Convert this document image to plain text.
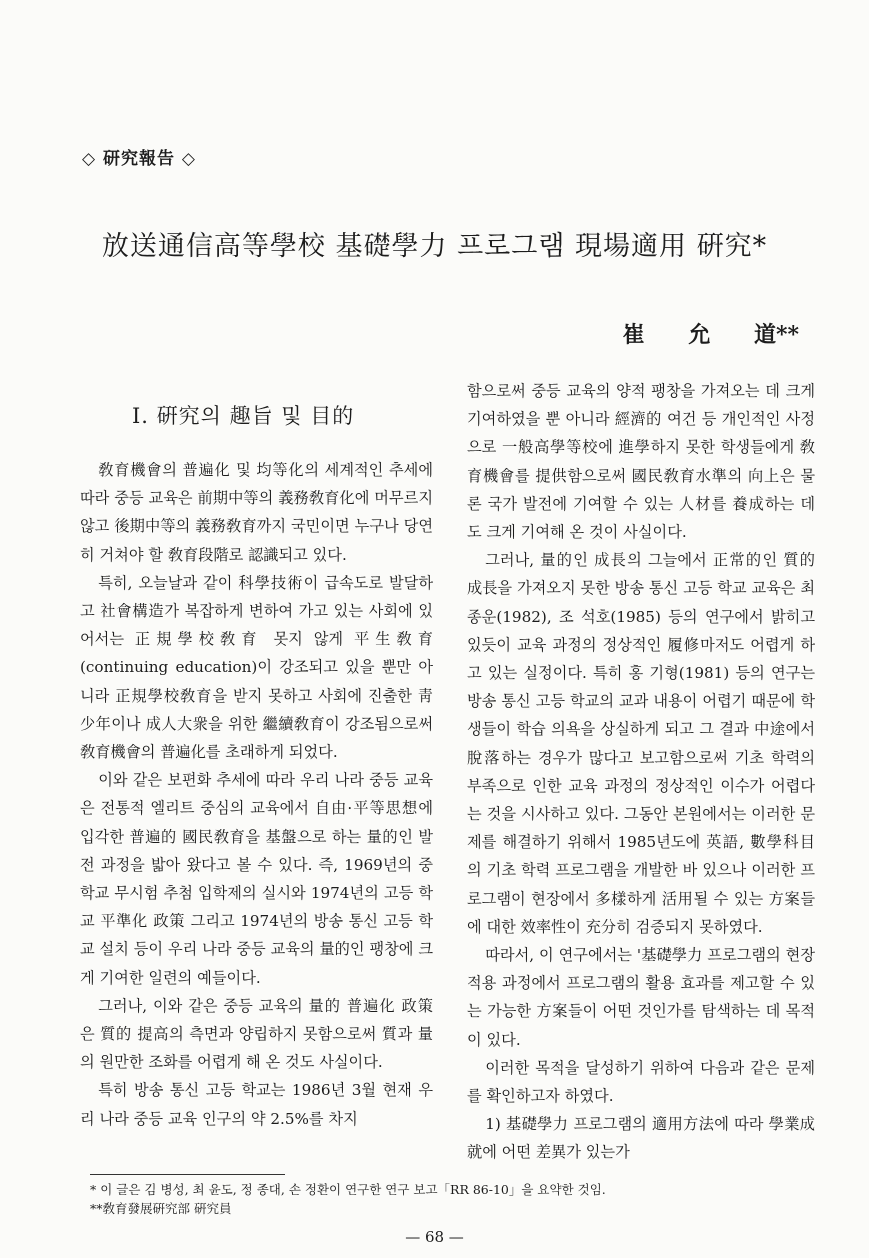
◇ 研究報告 ◇
放送通信高等學校 基礎學力 프로그램 現場適用 硏究*
崔 允 道**
Ⅰ. 硏究의 趣旨 및 目的

敎育機會의 普遍化 및 均等化의 세계적인 추세에 따라 중등 교육은 前期中等의 義務敎育化에 머무르지 않고 後期中等의 義務敎育까지 국민이면 누구나 당연히 거쳐야 할 敎育段階로 認識되고 있다.

특히, 오늘날과 같이 科學技術이 급속도로 발달하고 社會構造가 복잡하게 변하여 가고 있는 사회에 있어서는 正規學校敎育 못지 않게 平生敎育(continuing education)이 강조되고 있을 뿐만 아니라 正規學校敎育을 받지 못하고 사회에 진출한 靑少年이나 成人大衆을 위한 繼續敎育이 강조됨으로써 敎育機會의 普遍化를 초래하게 되었다.

이와 같은 보편화 추세에 따라 우리 나라 중등 교육은 전통적 엘리트 중심의 교육에서 自由·平等思想에 입각한 普遍的 國民敎育을 基盤으로 하는 量的인 발전 과정을 밟아 왔다고 볼 수 있다. 즉, 1969년의 중학교 무시험 추첨 입학제의 실시와 1974년의 고등 학교 平準化 政策 그리고 1974년의 방송 통신 고등 학교 설치 등이 우리 나라 중등 교육의 量的인 팽창에 크게 기여한 일련의 예들이다.

그러나, 이와 같은 중등 교육의 量的 普遍化 政策은 質的 提高의 측면과 양립하지 못함으로써 質과 量의 원만한 조화를 어렵게 해 온 것도 사실이다.

특히 방송 통신 고등 학교는 1986년 3월 현재 우리 나라 중등 교육 인구의 약 2.5%를 차지

함으로써 중등 교육의 양적 팽창을 가져오는 데 크게 기여하였을 뿐 아니라 經濟的 여건 등 개인적인 사정으로 一般高學等校에 進學하지 못한 학생들에게 敎育機會를 提供함으로써 國民敎育水準의 向上은 물론 국가 발전에 기여할 수 있는 人材를 養成하는 데도 크게 기여해 온 것이 사실이다.

그러나, 量的인 成長의 그늘에서 正常的인 質的 成長을 가져오지 못한 방송 통신 고등 학교 교육은 최 종운(1982), 조 석호(1985) 등의 연구에서 밝히고 있듯이 교육 과정의 정상적인 履修마저도 어렵게 하고 있는 실정이다. 특히 홍 기형(1981) 등의 연구는 방송 통신 고등 학교의 교과 내용이 어렵기 때문에 학생들이 학습 의욕을 상실하게 되고 그 결과 中途에서 脫落하는 경우가 많다고 보고함으로써 기초 학력의 부족으로 인한 교육 과정의 정상적인 이수가 어렵다는 것을 시사하고 있다. 그동안 본원에서는 이러한 문제를 해결하기 위해서 1985년도에 英語, 數學科目의 기초 학력 프로그램을 개발한 바 있으나 이러한 프로그램이 현장에서 多樣하게 活用될 수 있는 方案들에 대한 效率性이 充分히 검증되지 못하였다.

따라서, 이 연구에서는 '基礎學力 프로그램의 현장 적용 과정에서 프로그램의 활용 효과를 제고할 수 있는 가능한 方案들이 어떤 것인가를 탐색하는 데 목적이 있다.

이러한 목적을 달성하기 위하여 다음과 같은 문제를 확인하고자 하였다.

1) 基礎學力 프로그램의 適用方法에 따라 學業成就에 어떤 差異가 있는가

* 이 글은 김 병성, 최 윤도, 정 종대, 손 정환이 연구한 연구 보고「RR 86-10」을 요약한 것임.
**敎育發展硏究部 硏究員
— 68 —
